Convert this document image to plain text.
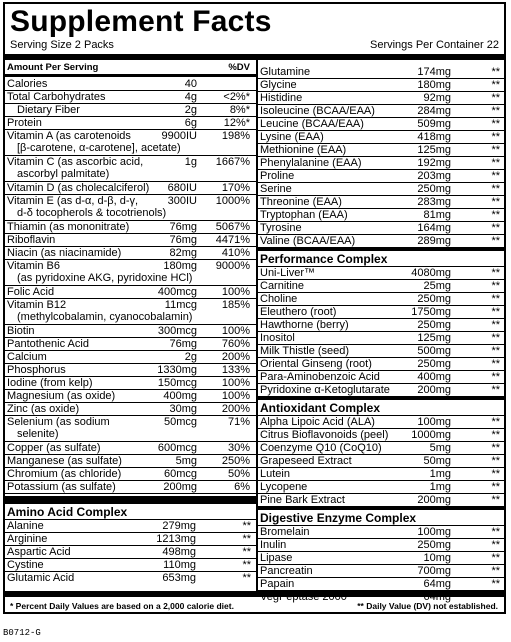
Supplement Facts
Serving Size 2 Packs	Servings Per Container 22
Amount Per Serving	%DV
Calories	40
Total Carbohydrates	4g <2%*
Dietary Fiber	2g	8%*
Protein	6g 12%*
Vitamin A (as carotenoids
[β-carotene, α-carotene], acetate)
9900IU 198%
Vitamin C (as ascorbic acid,
ascorbyl palmitate)
1g 1667%
Vitamin D (as cholecalciferol) 680IU 170%
Vitamin E (as d-α, d-β, d-γ,
d-δ tocopherols & tocotrienols)
300IU 1000%
Thiamin (as mononitrate)	76mg 5067%
Riboflavin	76mg 4471%
Niacin (as niacinamide)	82mg 410%
Vitamin B6
(as pyridoxine AKG, pyridoxine HCl)
180mg 9000%
Folic Acid	400mcg 100%
Vitamin B12
(methylcobalamin, cyanocobalamin)
11mcg 185%
Biotin	300mcg 100%
Pantothenic Acid	76mg 760%
Calcium	2g 200%
Phosphorus	1330mg 133%
Iodine (from kelp)	150mcg 100%
Magnesium (as oxide)	400mg 100%
Zinc (as oxide)	30mg 200%
Selenium (as sodium
selenite)
50mcg	71%
Copper (as sulfate)	600mcg	30%
Manganese (as sulfate)	5mg 250%
Chromium (as chloride)	60mcg	50%
Potassium (as sulfate)	200mg	6%
Amino Acid Complex
Alanine	279mg	**
Arginine	1213mg	**
Aspartic Acid	498mg	**
Cystine	110mg	**
Glutamic Acid	653mg	**
Glutamine	174mg	**
Glycine	180mg	**
Histidine	92mg	**
Isoleucine (BCAA/EAA)	284mg	**
Leucine (BCAA/EAA)	509mg	**
Lysine (EAA)	418mg	**
Methionine (EAA)	125mg	**
Phenylalanine (EAA)	192mg	**
Proline	203mg	**
Serine	250mg	**
Threonine (EAA)	283mg	**
Tryptophan (EAA)	81mg	**
Tyrosine	164mg	**
Valine (BCAA/EAA)	289mg	**
Performance Complex
Uni-Liver™	4080mg	**
Carnitine	25mg	**
Choline	250mg	**
Eleuthero (root)	1750mg	**
Hawthorne (berry)	250mg	**
Inositol	125mg	**
Milk Thistle (seed)	500mg	**
Oriental Ginseng (root)	250mg	**
Para-Aminobenzoic Acid	400mg	**
Pyridoxine α-Ketoglutarate 200mg	**
Antioxidant Complex
Alpha Lipoic Acid (ALA)	100mg	**
Citrus Bioflavonoids (peel) 1000mg	**
Coenzyme Q10 (CoQ10)	5mg	**
Grapeseed Extract	50mg	**
Lutein	1mg	**
Lycopene	1mg	**
Pine Bark Extract	200mg	**
Digestive Enzyme Complex
Bromelain	100mg	**
Inulin	250mg	**
Lipase	10mg	**
Pancreatin	700mg	**
Papain	64mg	**
VegPeptase 2000™	64mg	**
* Percent Daily Values are based on a 2,000 calorie diet.	** Daily Value (DV) not established.
B0712-G
